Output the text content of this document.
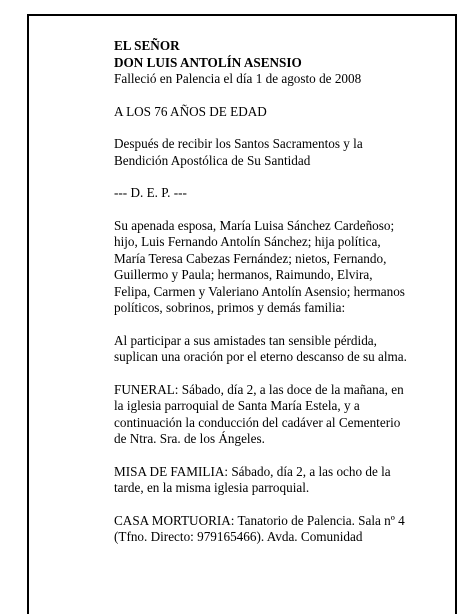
EL SEÑOR

DON LUIS ANTOLÍN ASENSIO

Falleció en Palencia el día 1 de agosto de 2008

A LOS 76 AÑOS DE EDAD

Después de recibir los Santos Sacramentos y la

Bendición Apostólica de Su Santidad

--- D. E. P. ---

Su apenada esposa, María Luisa Sánchez Cardeñoso;

hijo, Luis Fernando Antolín Sánchez; hija política,

María Teresa Cabezas Fernández; nietos, Fernando,

Guillermo y Paula; hermanos, Raimundo, Elvira,

Felipa, Carmen y Valeriano Antolín Asensio; hermanos

políticos, sobrinos, primos y demás familia:

Al participar a sus amistades tan sensible pérdida,

suplican una oración por el eterno descanso de su alma.

FUNERAL: Sábado, día 2, a las doce de la mañana, en

la iglesia parroquial de Santa María Estela, y a

continuación la conducción del cadáver al Cementerio

de Ntra. Sra. de los Ángeles.

MISA DE FAMILIA: Sábado, día 2, a las ocho de la

tarde, en la misma iglesia parroquial.

CASA MORTUORIA: Tanatorio de Palencia. Sala nº 4

(Tfno. Directo: 979165466). Avda. Comunidad
